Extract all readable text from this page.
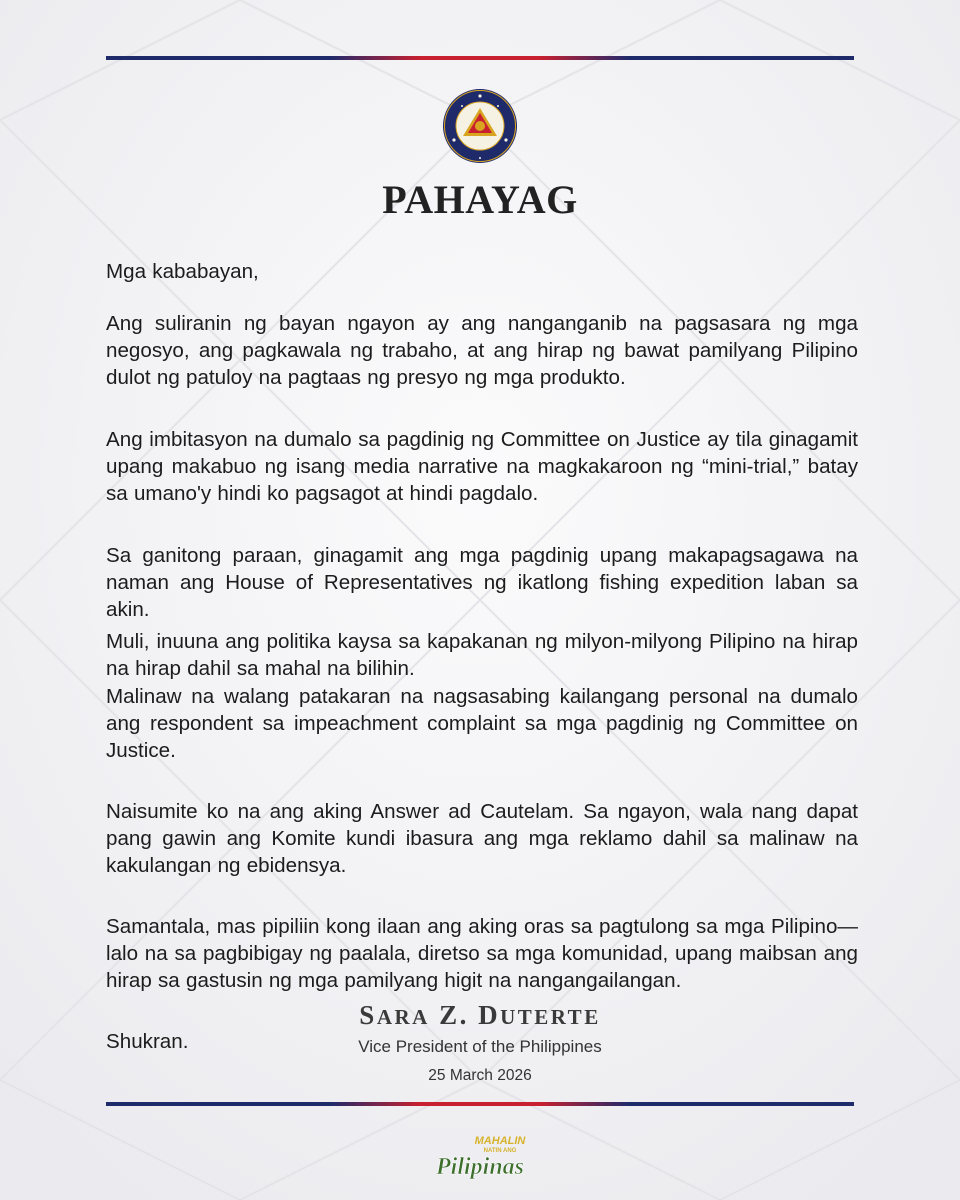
PAHAYAG

Mga kababayan,

Ang suliranin ng bayan ngayon ay ang nanganganib na pagsasara ng mga negosyo, ang pagkawala ng trabaho, at ang hirap ng bawat pamilyang Pilipino dulot ng patuloy na pagtaas ng presyo ng mga produkto.

Ang imbitasyon na dumalo sa pagdinig ng Committee on Justice ay tila ginagamit upang makabuo ng isang media narrative na magkakaroon ng “mini-trial,” batay sa umano'y hindi ko pagsagot at hindi pagdalo.

Sa ganitong paraan, ginagamit ang mga pagdinig upang makapagsagawa na naman ang House of Representatives ng ikatlong fishing expedition laban sa akin.

Muli, inuuna ang politika kaysa sa kapakanan ng milyon-milyong Pilipino na hirap na hirap dahil sa mahal na bilihin.

Malinaw na walang patakaran na nagsasabing kailangang personal na dumalo ang respondent sa impeachment complaint sa mga pagdinig ng Committee on Justice.

Naisumite ko na ang aking Answer ad Cautelam. Sa ngayon, wala nang dapat pang gawin ang Komite kundi ibasura ang mga reklamo dahil sa malinaw na kakulangan ng ebidensya.

Samantala, mas pipiliin kong ilaan ang aking oras sa pagtulong sa mga Pilipino—lalo na sa pagbibigay ng paalala, diretso sa mga komunidad, upang maibsan ang hirap sa gastusin ng mga pamilyang higit na nangangailangan.

Shukran.

SARA Z. DUTERTE
Vice President of the Philippines
25 March 2026
MAHALIN
NATIN ANG
Pilipinas
